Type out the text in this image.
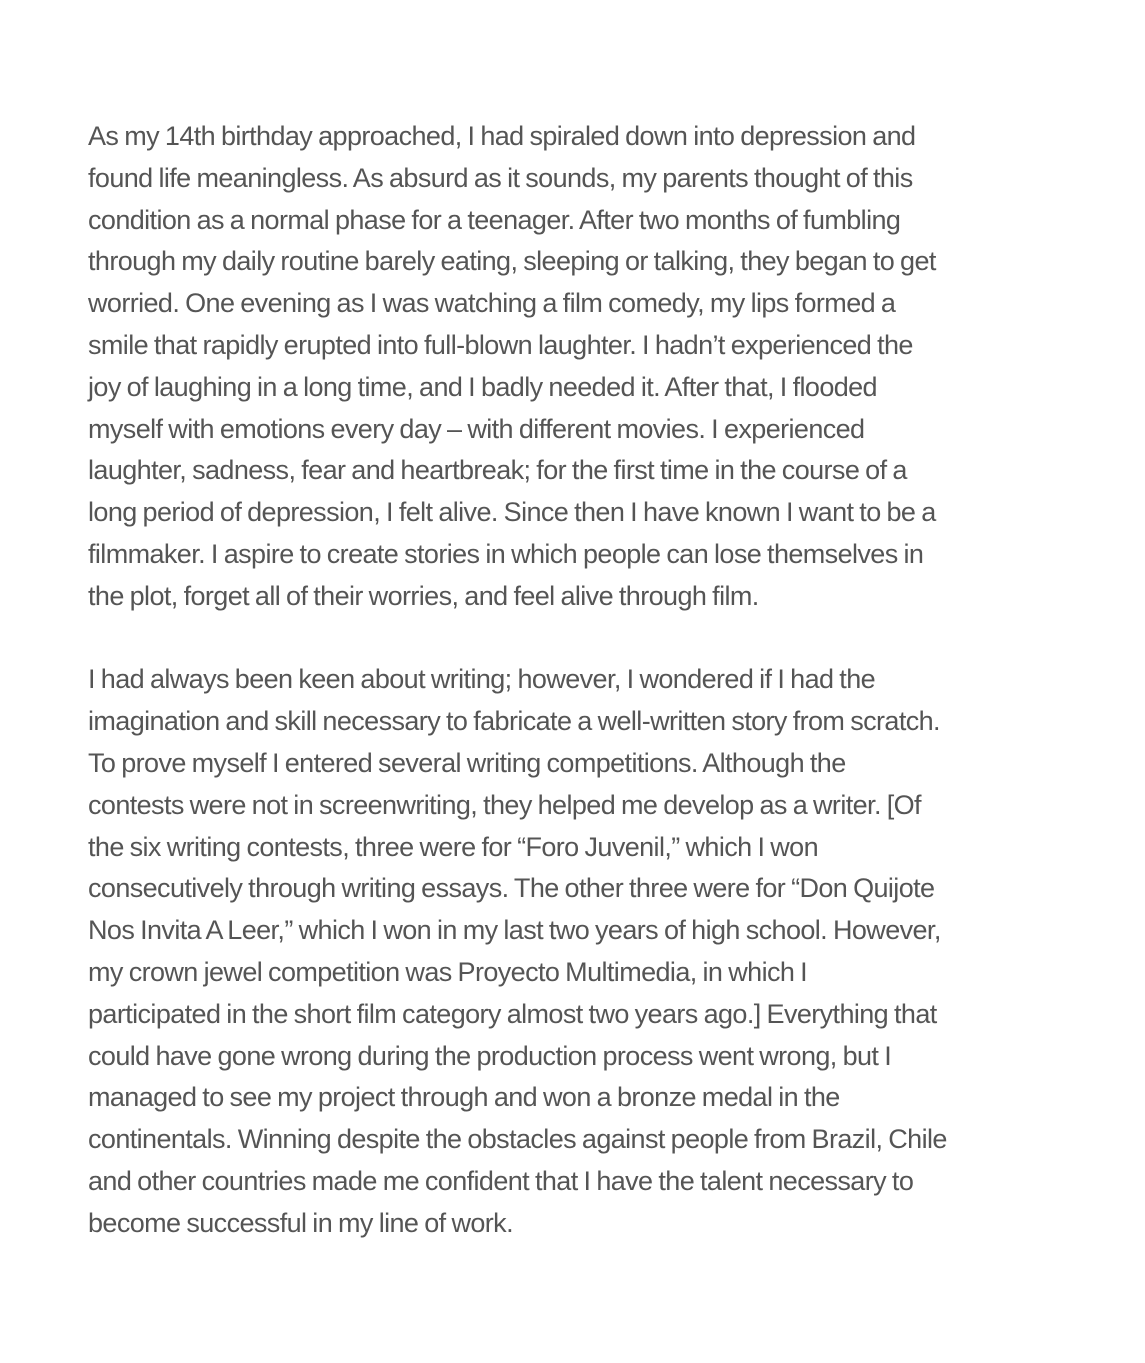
As my 14th birthday approached, I had spiraled down into depression and
found life meaningless. As absurd as it sounds, my parents thought of this
condition as a normal phase for a teenager. After two months of fumbling
through my daily routine barely eating, sleeping or talking, they began to get
worried. One evening as I was watching a film comedy, my lips formed a
smile that rapidly erupted into full-blown laughter. I hadn’t experienced the
joy of laughing in a long time, and I badly needed it. After that, I flooded
myself with emotions every day – with different movies. I experienced
laughter, sadness, fear and heartbreak; for the first time in the course of a
long period of depression, I felt alive. Since then I have known I want to be a
filmmaker. I aspire to create stories in which people can lose themselves in
the plot, forget all of their worries, and feel alive through film.

I had always been keen about writing; however, I wondered if I had the
imagination and skill necessary to fabricate a well-written story from scratch.
To prove myself I entered several writing competitions. Although the
contests were not in screenwriting, they helped me develop as a writer. [Of
the six writing contests, three were for “Foro Juvenil,” which I won
consecutively through writing essays. The other three were for “Don Quijote
Nos Invita A Leer,” which I won in my last two years of high school. However,
my crown jewel competition was Proyecto Multimedia, in which I
participated in the short film category almost two years ago.] Everything that
could have gone wrong during the production process went wrong, but I
managed to see my project through and won a bronze medal in the
continentals. Winning despite the obstacles against people from Brazil, Chile
and other countries made me confident that I have the talent necessary to
become successful in my line of work.
